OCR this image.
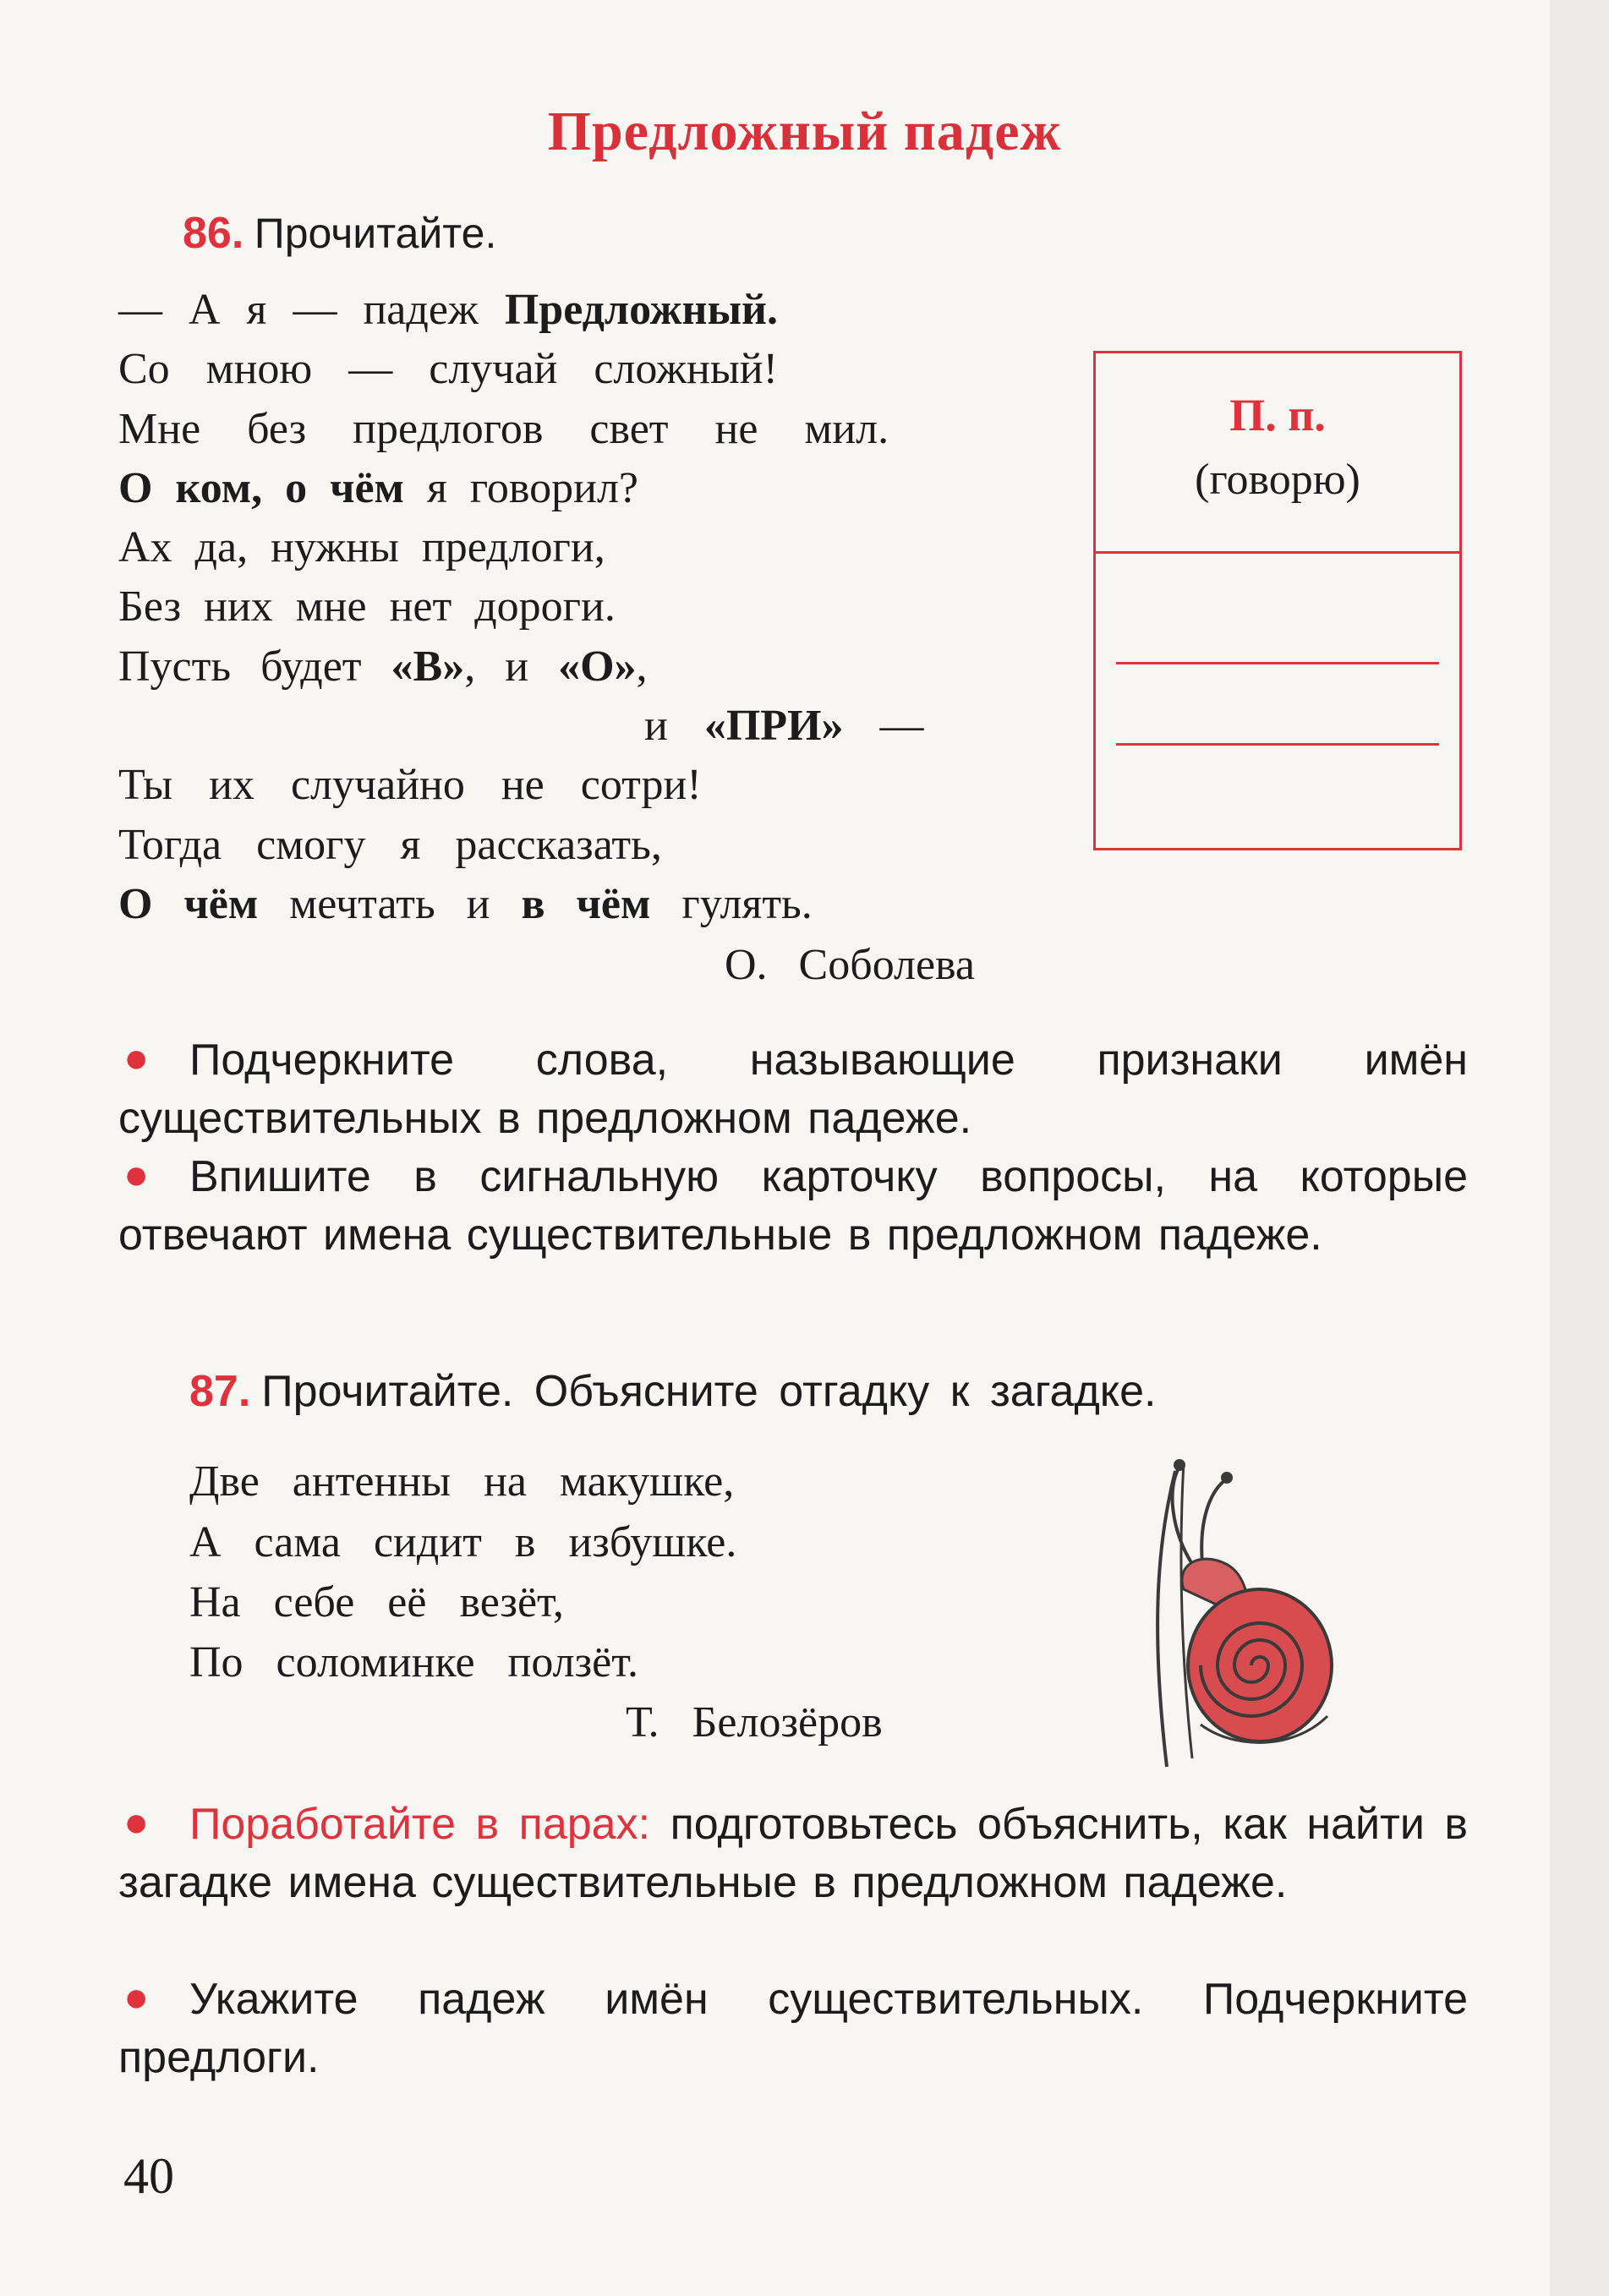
Предложный падеж
86. Прочитайте.
— А я — падеж Предложный.
Со мною — случай сложный!
Мне без предлогов свет не мил.
О ком, о чём я говорил?
Ах да, нужны предлоги,
Без них мне нет дороги.
Пусть будет «В», и «О»,
и «ПРИ» —
Ты их случайно не сотри!
Тогда смогу я рассказать,
О чём мечтать и в чём гулять.
О. Соболева
П. п.
(говорю)
● Подчеркните слова, называющие признаки имён существительных в предложном падеже.
● Впишите в сигнальную карточку вопросы, на которые отвечают имена существительные в предложном падеже.
87. Прочитайте. Объясните отгадку к загадке.
Две антенны на макушке,
А сама сидит в избушке.
На себе её везёт,
По соломинке ползёт.
Т. Белозёров
● Поработайте в парах: подготовьтесь объяснить, как найти в загадке имена существительные в предложном падеже.
● Укажите падеж имён существительных. Подчеркните предлоги.
40
